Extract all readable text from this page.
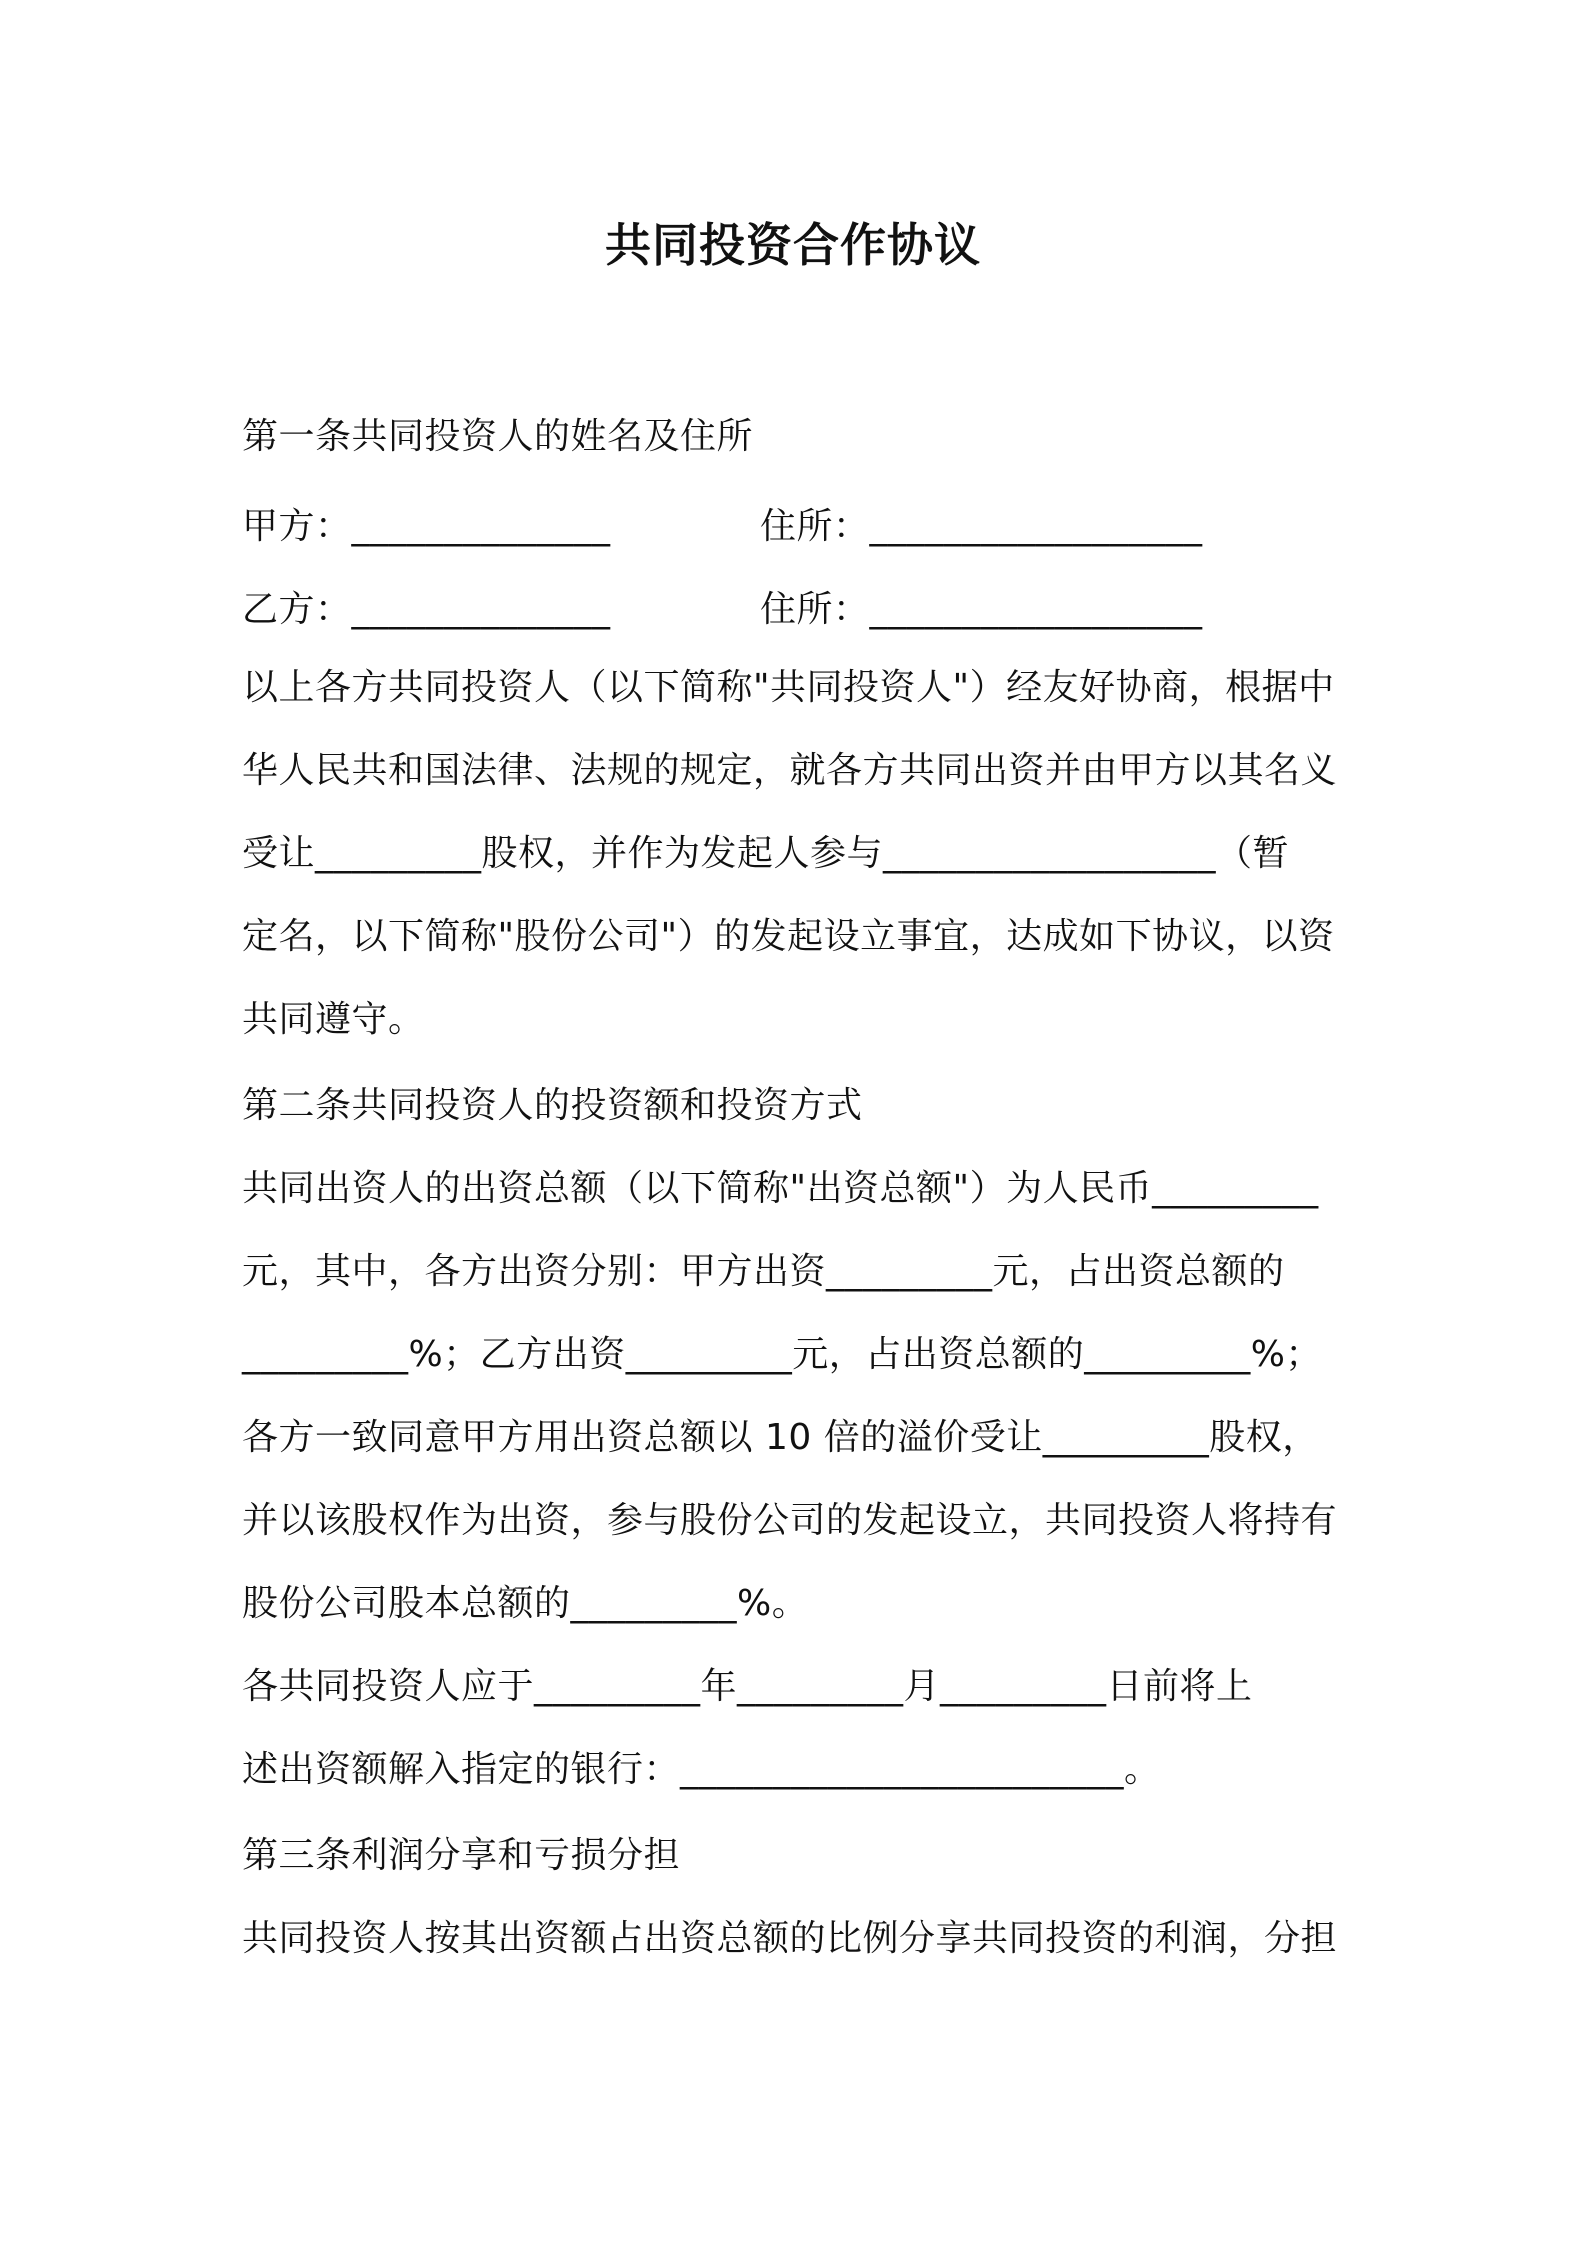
共同投资合作协议
第一条共同投资人的姓名及住所
甲方：______________	住所：__________________
乙方：______________	住所：__________________
以上各方共同投资人（以下简称"共同投资人"）经友好协商，根据中
华人民共和国法律、法规的规定，就各方共同出资并由甲方以其名义
受让_________股权，并作为发起人参与__________________（暂
定名，以下简称"股份公司"）的发起设立事宜，达成如下协议，以资
共同遵守。
第二条共同投资人的投资额和投资方式
共同出资人的出资总额（以下简称"出资总额"）为人民币_________
元，其中，各方出资分别：甲方出资_________元，占出资总额的
_________%；乙方出资_________元，占出资总额的_________%；
各方一致同意甲方用出资总额以 10 倍的溢价受让_________股权，
并以该股权作为出资，参与股份公司的发起设立，共同投资人将持有
股份公司股本总额的_________%。
各共同投资人应于_________年_________月_________日前将上
述出资额解入指定的银行：________________________。
第三条利润分享和亏损分担
共同投资人按其出资额占出资总额的比例分享共同投资的利润，分担
